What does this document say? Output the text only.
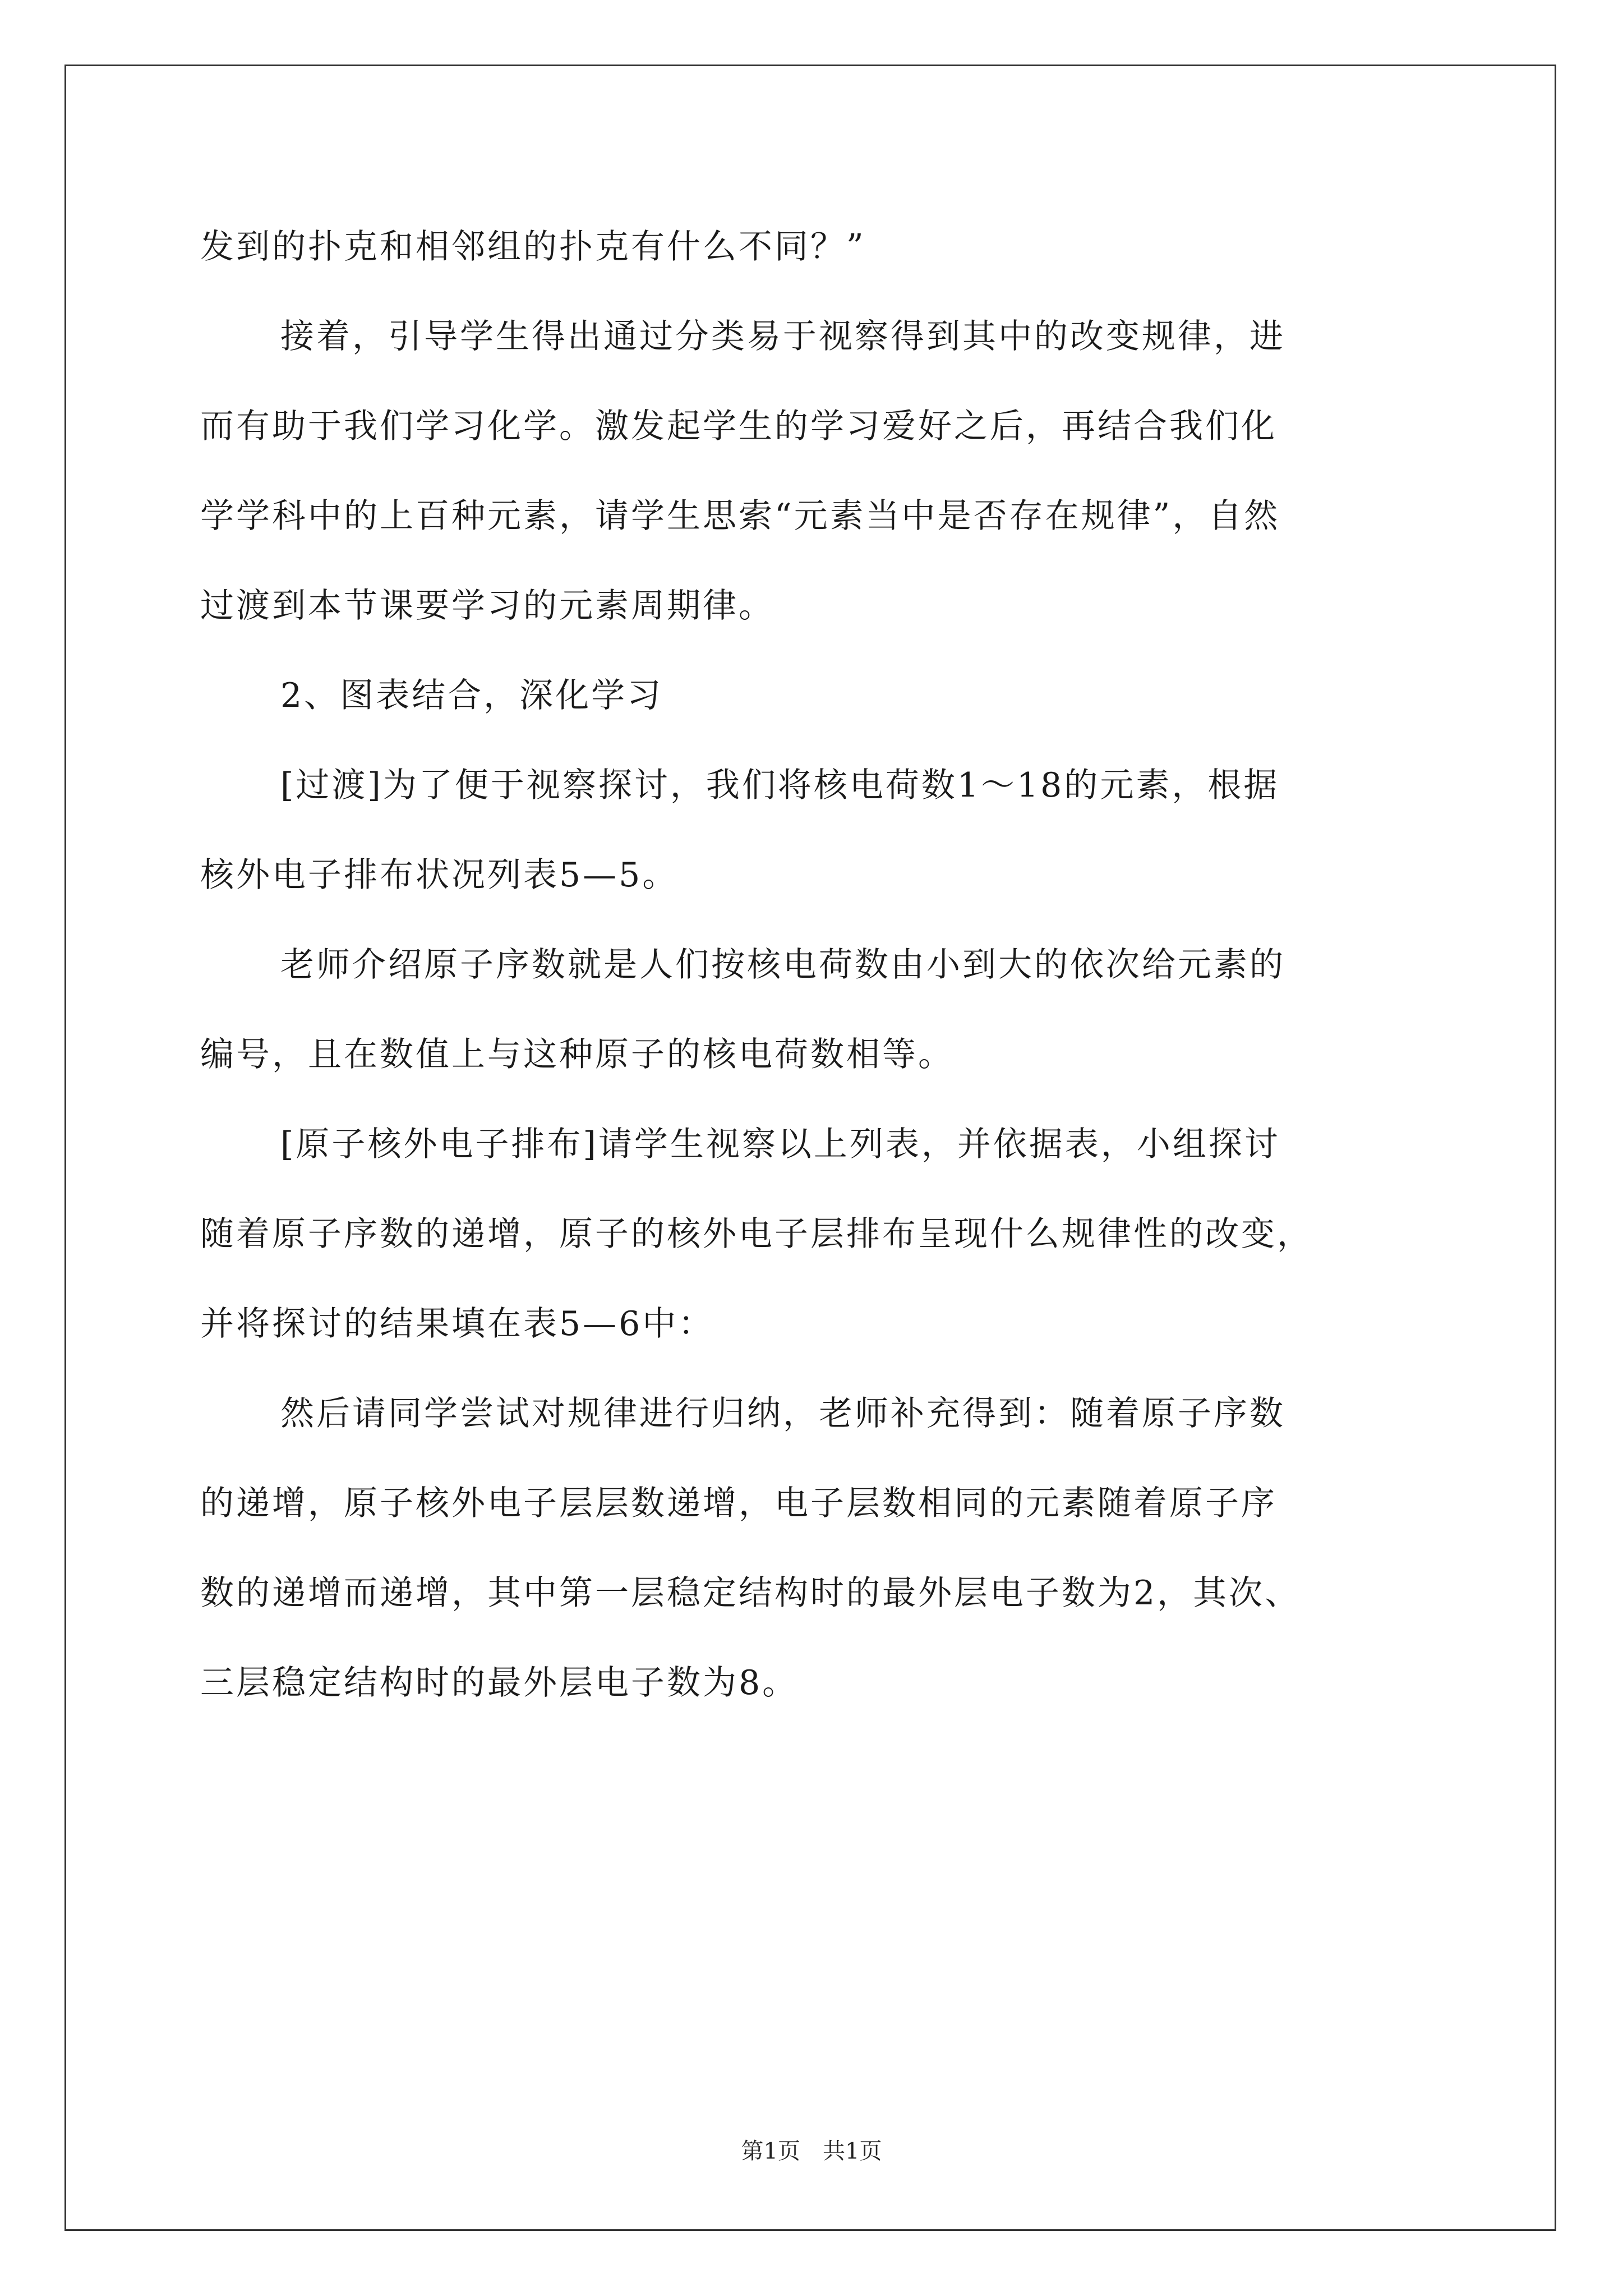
发到的扑克和相邻组的扑克有什么不同？”

接着，引导学生得出通过分类易于视察得到其中的改变规律，进

而有助于我们学习化学。激发起学生的学习爱好之后，再结合我们化

学学科中的上百种元素，请学生思索“元素当中是否存在规律”，自然

过渡到本节课要学习的元素周期律。

2、图表结合，深化学习

[过渡]为了便于视察探讨，我们将核电荷数1～18的元素，根据

核外电子排布状况列表5—5。

老师介绍原子序数就是人们按核电荷数由小到大的依次给元素的

编号，且在数值上与这种原子的核电荷数相等。

[原子核外电子排布]请学生视察以上列表，并依据表，小组探讨

随着原子序数的递增，原子的核外电子层排布呈现什么规律性的改变，

并将探讨的结果填在表5—6中：

然后请同学尝试对规律进行归纳，老师补充得到：随着原子序数

的递增，原子核外电子层层数递增，电子层数相同的元素随着原子序

数的递增而递增，其中第一层稳定结构时的最外层电子数为2，其次、

三层稳定结构时的最外层电子数为8。

第1页　共1页
